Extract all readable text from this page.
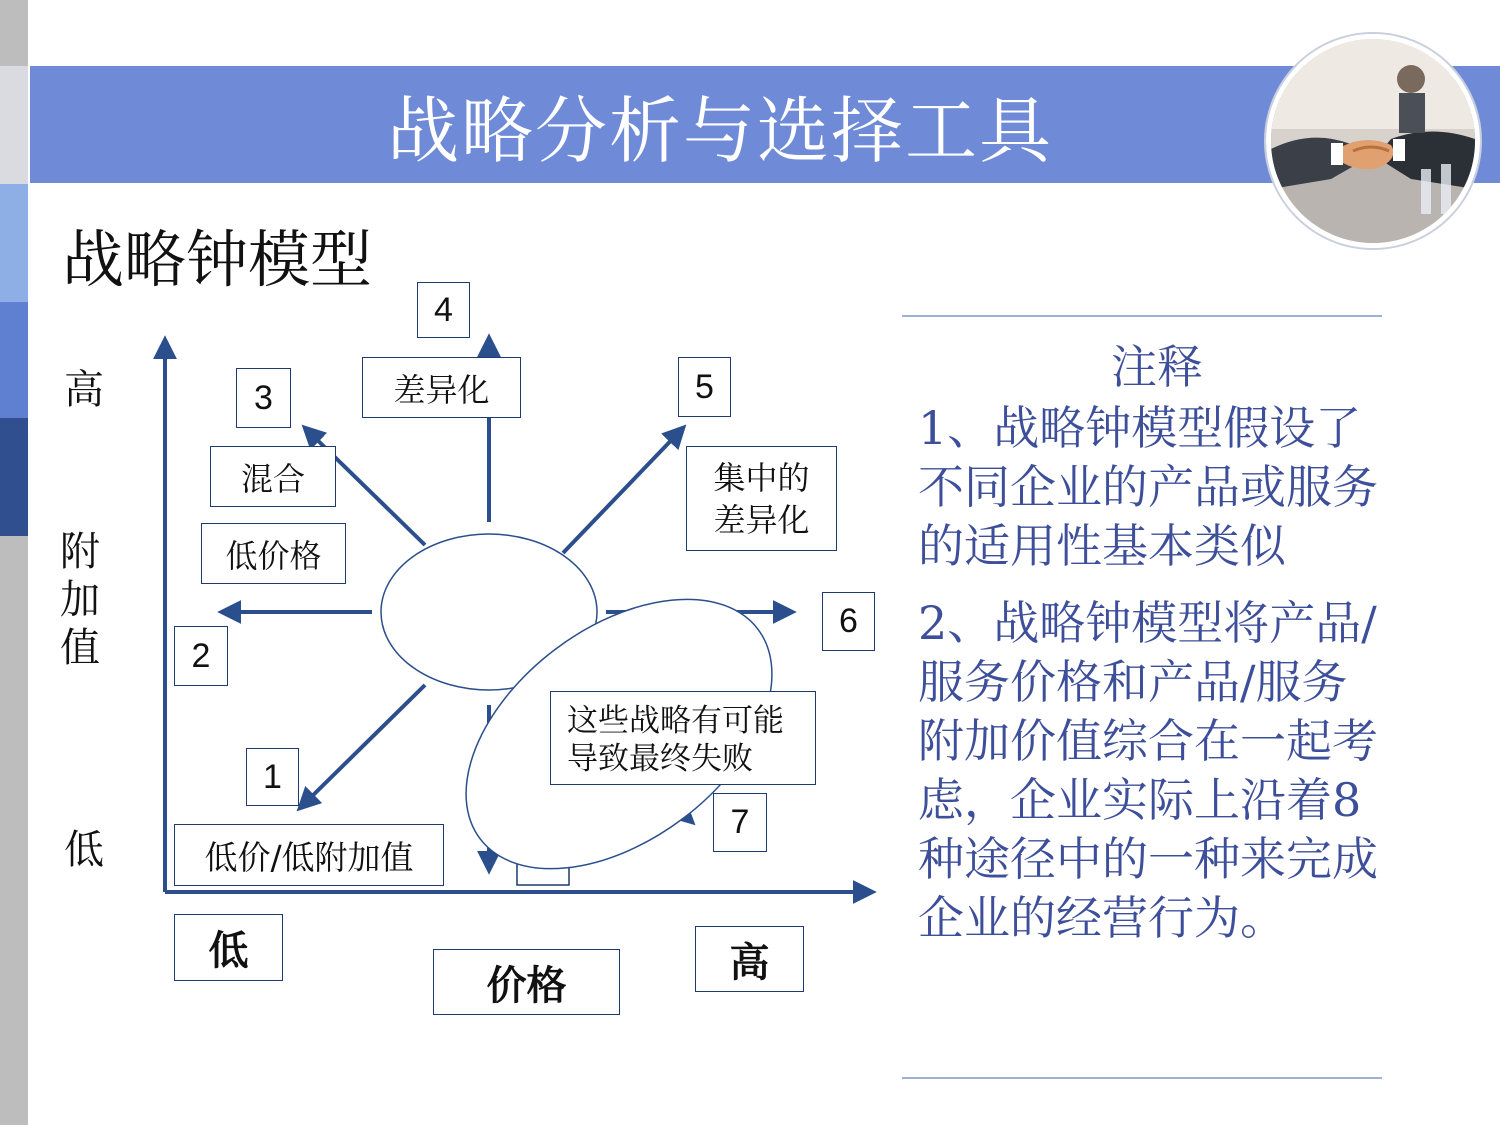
战略分析与选择工具
战略钟模型
1
2
3
4
5
6
7
低价/低附加值
低价格
混合
差异化
集中的
差异化
这些战略有可能
导致最终失败
高
附
加
值
低
低
价格	高
注释

1、战略钟模型假设了不同企业的产品或服务的适用性基本类似

2、战略钟模型将产品/服务价格和产品/服务附加价值综合在一起考虑，企业实际上沿着8种途径中的一种来完成企业的经营行为。
